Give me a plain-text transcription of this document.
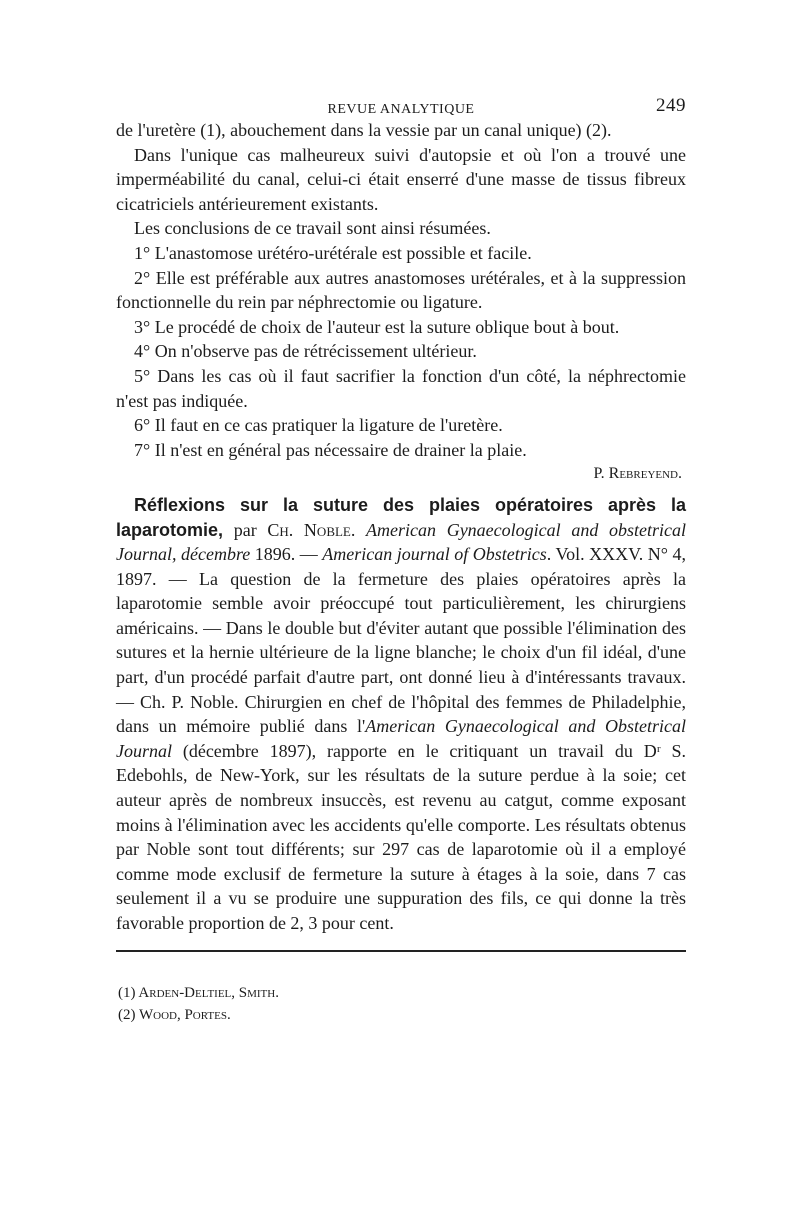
REVUE ANALYTIQUE	249

de l'uretère (1), abouchement dans la vessie par un canal unique) (2).

Dans l'unique cas malheureux suivi d'autopsie et où l'on a trouvé une imperméabilité du canal, celui-ci était enserré d'une masse de tissus fibreux cicatriciels antérieurement existants.

Les conclusions de ce travail sont ainsi résumées.

1° L'anastomose urétéro-urétérale est possible et facile.

2° Elle est préférable aux autres anastomoses urétérales, et à la suppression fonctionnelle du rein par néphrectomie ou ligature.

3° Le procédé de choix de l'auteur est la suture oblique bout à bout.

4° On n'observe pas de rétrécissement ultérieur.

5° Dans les cas où il faut sacrifier la fonction d'un côté, la néphrectomie n'est pas indiquée.

6° Il faut en ce cas pratiquer la ligature de l'uretère.

7° Il n'est en général pas nécessaire de drainer la plaie.

P. Rebreyend.

Réflexions sur la suture des plaies opératoires après la laparotomie, par Ch. Noble. American Gynaecological and obstetrical Journal, décembre 1896. — American journal of Obstetrics. Vol. XXXV. N° 4, 1897. — La question de la fermeture des plaies opératoires après la laparotomie semble avoir préoccupé tout particulièrement, les chirurgiens américains. — Dans le double but d'éviter autant que possible l'élimination des sutures et la hernie ultérieure de la ligne blanche; le choix d'un fil idéal, d'une part, d'un procédé parfait d'autre part, ont donné lieu à d'intéressants travaux. — Ch. P. Noble. Chirurgien en chef de l'hôpital des femmes de Philadelphie, dans un mémoire publié dans l'American Gynaecological and Obstetrical Journal (décembre 1897), rapporte en le critiquant un travail du Dʳ S. Edebohls, de New-York, sur les résultats de la suture perdue à la soie; cet auteur après de nombreux insuccès, est revenu au catgut, comme exposant moins à l'élimination avec les accidents qu'elle comporte. Les résultats obtenus par Noble sont tout différents; sur 297 cas de laparotomie où il a employé comme mode exclusif de fermeture la suture à étages à la soie, dans 7 cas seulement il a vu se produire une suppuration des fils, ce qui donne la très favorable proportion de 2, 3 pour cent.

(1) Arden-Deltiel, Smith.

(2) Wood, Portes.
